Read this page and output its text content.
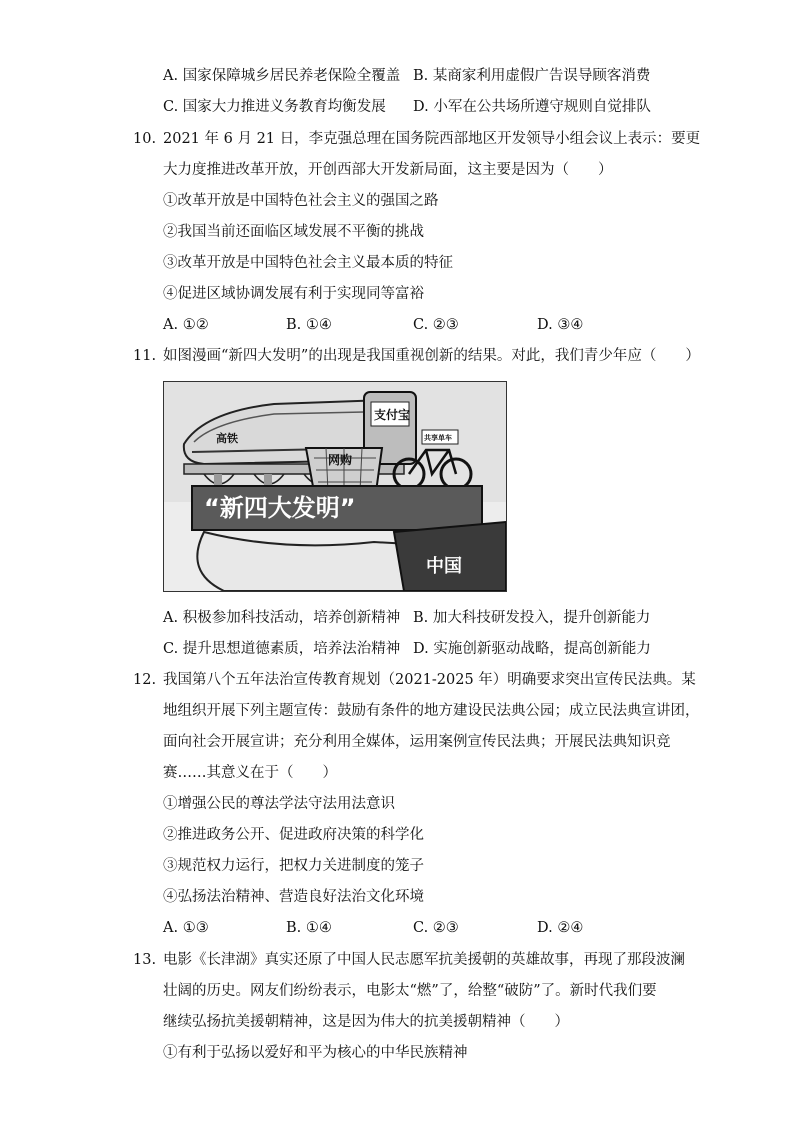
A. 国家保障城乡居民养老保险全覆盖 B. 某商家利用虚假广告误导顾客消费
C. 国家大力推进义务教育均衡发展 D. 小军在公共场所遵守规则自觉排队
10. 2021 年 6 月 21 日，李克强总理在国务院西部地区开发领导小组会议上表示：要更
大力度推进改革开放，开创西部大开发新局面，这主要是因为（　　）
①改革开放是中国特色社会主义的强国之路
②我国当前还面临区域发展不平衡的挑战
③改革开放是中国特色社会主义最本质的特征
④促进区域协调发展有利于实现同等富裕
A. ①②	B. ①④	C. ②③	D. ③④
11. 如图漫画“新四大发明”的出现是我国重视创新的结果。对此，我们青少年应（　　）
高铁
支付宝
网购
共享单车
“新四大发明”
中国
A. 积极参加科技活动，培养创新精神 B. 加大科技研发投入，提升创新能力
C. 提升思想道德素质，培养法治精神 D. 实施创新驱动战略，提高创新能力
12. 我国第八个五年法治宣传教育规划（2021-2025 年）明确要求突出宣传民法典。某
地组织开展下列主题宣传：鼓励有条件的地方建设民法典公园；成立民法典宣讲团，
面向社会开展宣讲；充分利用全媒体，运用案例宣传民法典；开展民法典知识竞
赛……其意义在于（　　）
①增强公民的尊法学法守法用法意识
②推进政务公开、促进政府决策的科学化
③规范权力运行，把权力关进制度的笼子
④弘扬法治精神、营造良好法治文化环境
A. ①③	B. ①④	C. ②③	D. ②④
13. 电影《长津湖》真实还原了中国人民志愿军抗美援朝的英雄故事，再现了那段波澜
壮阔的历史。网友们纷纷表示，电影太“燃”了，给整“破防”了。新时代我们要
继续弘扬抗美援朝精神，这是因为伟大的抗美援朝精神（　　）
①有利于弘扬以爱好和平为核心的中华民族精神
